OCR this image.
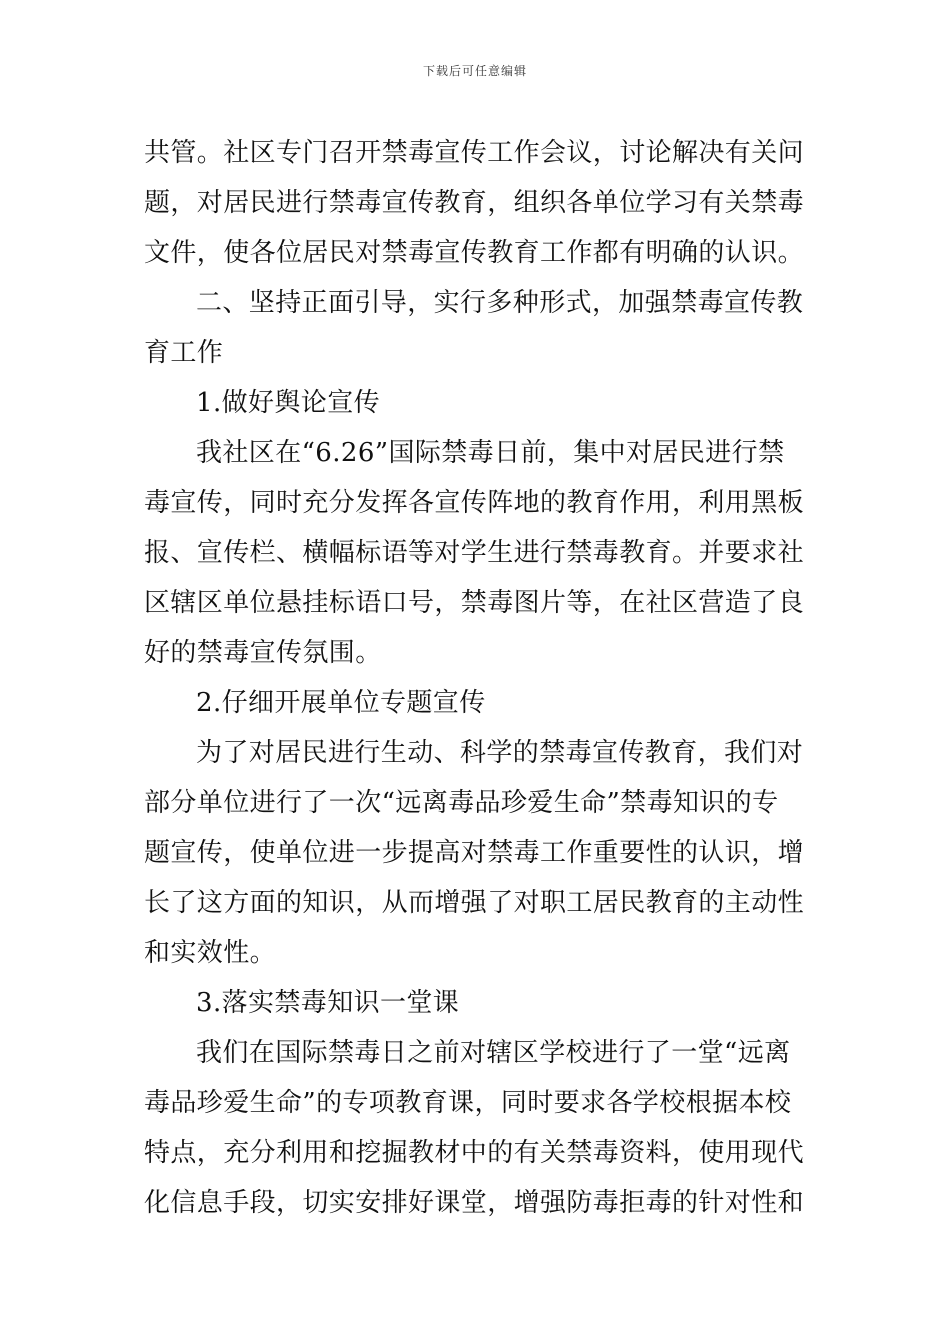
下载后可任意编辑
共管。社区专门召开禁毒宣传工作会议，讨论解决有关问
题，对居民进行禁毒宣传教育，组织各单位学习有关禁毒
文件，使各位居民对禁毒宣传教育工作都有明确的认识。
二、坚持正面引导，实行多种形式，加强禁毒宣传教
育工作
1.做好舆论宣传
我社区在“6.26”国际禁毒日前，集中对居民进行禁
毒宣传，同时充分发挥各宣传阵地的教育作用，利用黑板
报、宣传栏、横幅标语等对学生进行禁毒教育。并要求社
区辖区单位悬挂标语口号，禁毒图片等，在社区营造了良
好的禁毒宣传氛围。
2.仔细开展单位专题宣传
为了对居民进行生动、科学的禁毒宣传教育，我们对
部分单位进行了一次“远离毒品珍爱生命”禁毒知识的专
题宣传，使单位进一步提高对禁毒工作重要性的认识，增
长了这方面的知识，从而增强了对职工居民教育的主动性
和实效性。
3.落实禁毒知识一堂课
我们在国际禁毒日之前对辖区学校进行了一堂“远离
毒品珍爱生命”的专项教育课，同时要求各学校根据本校
特点，充分利用和挖掘教材中的有关禁毒资料，使用现代
化信息手段，切实安排好课堂，增强防毒拒毒的针对性和
